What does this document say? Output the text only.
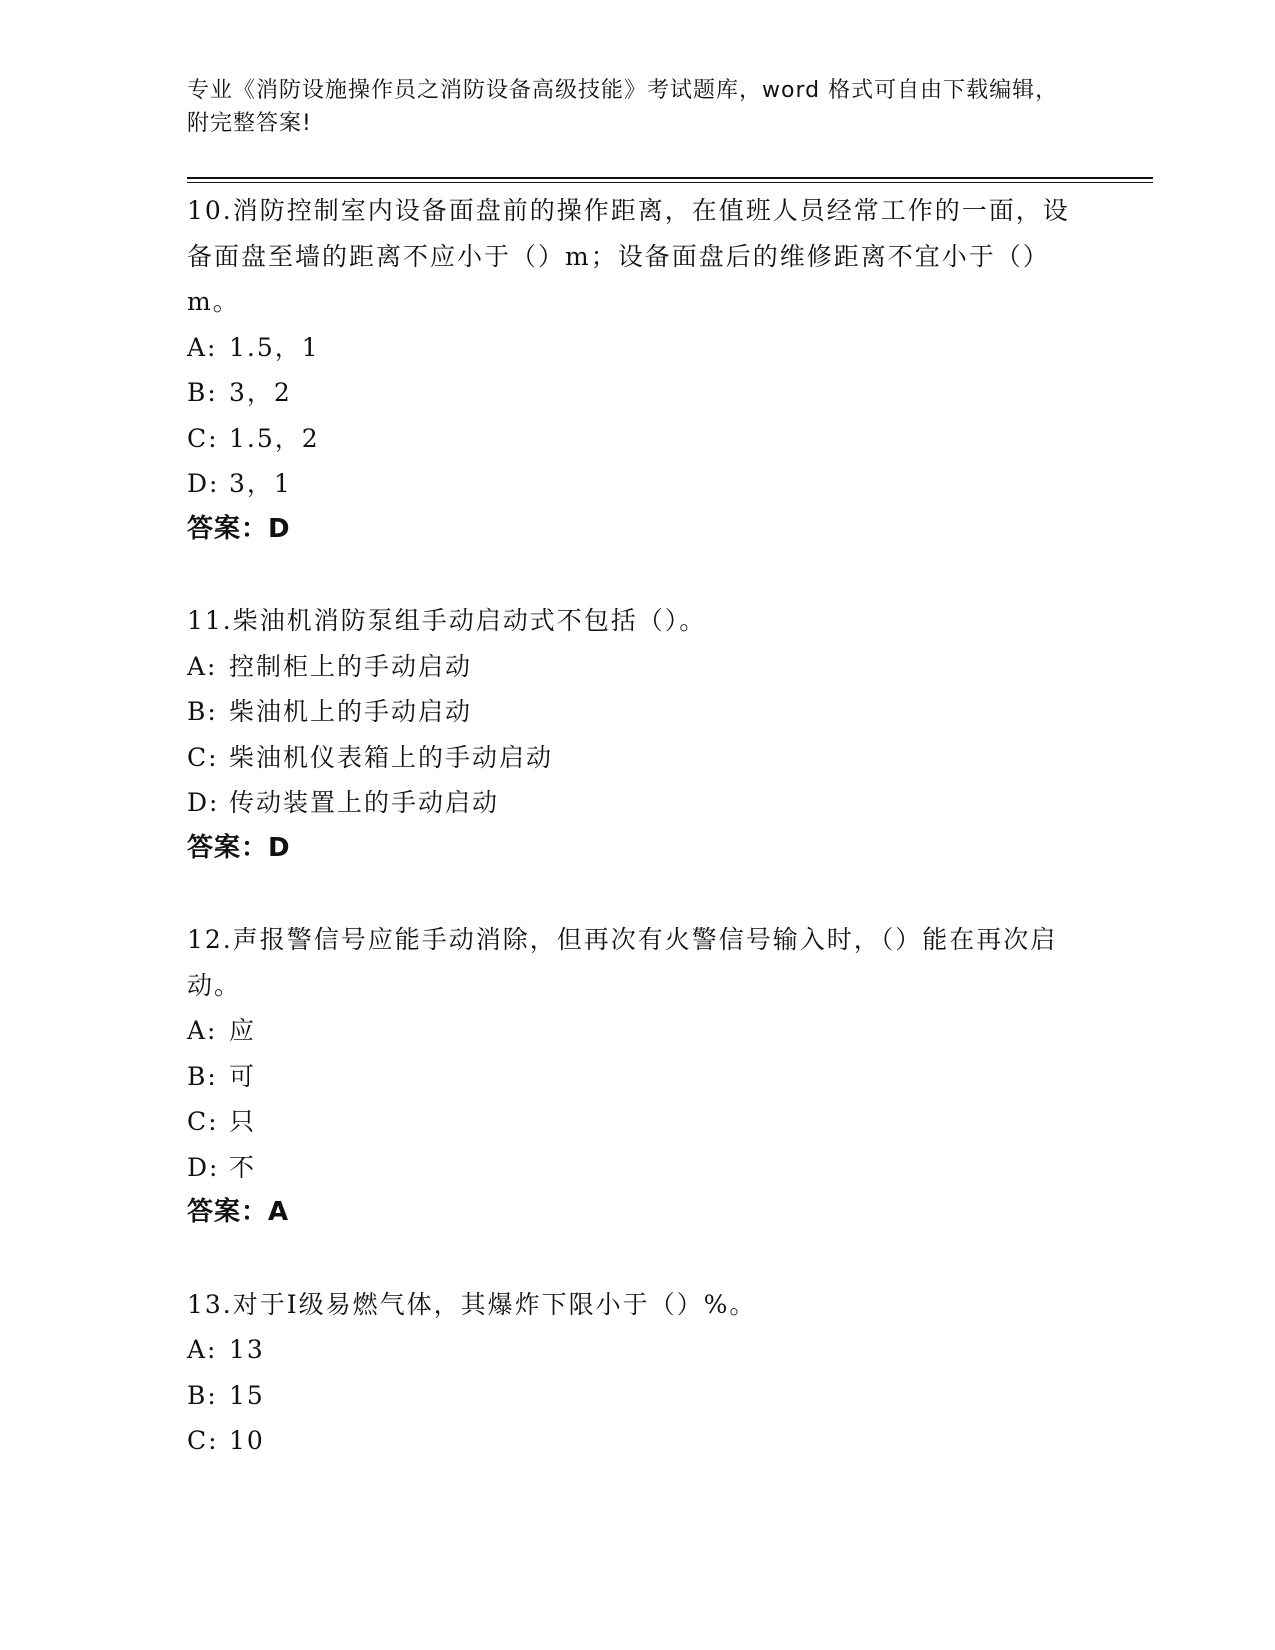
专业《消防设施操作员之消防设备高级技能》考试题库，word 格式可自由下载编辑，附完整答案!

10.消防控制室内设备面盘前的操作距离，在值班人员经常工作的一面，设备面盘至墙的距离不应小于（）m；设备面盘后的维修距离不宜小于（）m。

A: 1.5，1
B: 3，2
C: 1.5，2
D: 3，1
答案：D

11.柴油机消防泵组手动启动式不包括（）。

A: 控制柜上的手动启动
B: 柴油机上的手动启动
C: 柴油机仪表箱上的手动启动
D: 传动装置上的手动启动
答案：D

12.声报警信号应能手动消除，但再次有火警信号输入时，（）能在再次启动。

A: 应
B: 可
C: 只
D: 不
答案：A

13.对于Ⅰ级易燃气体，其爆炸下限小于（）%。

A: 13
B: 15
C: 10
